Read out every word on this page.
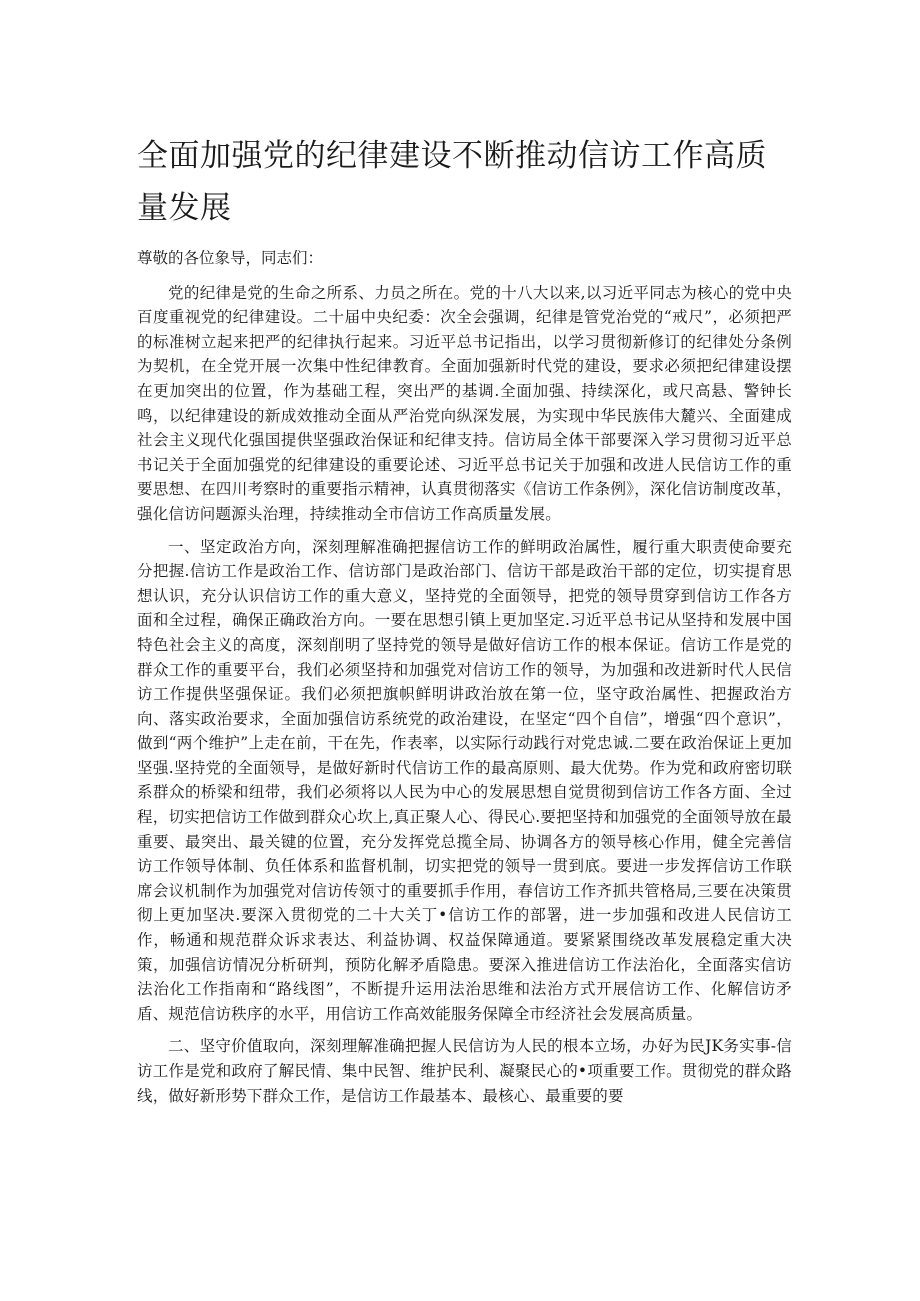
全面加强党的纪律建设不断推动信访工作高质量发展

尊敬的各位象导，同志们：

党的纪律是党的生命之所系、力员之所在。党的十八大以来,以习近平同志为核心的党中央百度重视党的纪律建设。二十届中央纪委：次全会强调，纪律是管党治党的“戒尺”，必须把严的标准树立起来把严的纪律执行起来。习近平总书记指出，以学习贯彻新修订的纪律处分条例为契机，在全党开展一次集中性纪律教育。全面加强新时代党的建设，要求必须把纪律建设摆在更加突出的位置，作为基础工程，突出严的基调.全面加强、持续深化，或尺高悬、警钟长鸣，以纪律建设的新成效推动全面从严治党向纵深发展，为实现中华民族伟大麓兴、全面建成社会主义现代化强国提供坚强政治保证和纪律支持。信访局全体干部要深入学习贯彻习近平总书记关于全面加强党的纪律建设的重要论述、习近平总书记关于加强和改进人民信访工作的重要思想、在四川考察时的重要指示精神，认真贯彻落实《信访工作条例》，深化信访制度改革，强化信访问题源头治理，持续推动全市信访工作高质量发展。

一、坚定政治方向，深刻理解准确把握信访工作的鲜明政治属性，履行重大职责使命要充分把握.信访工作是政治工作、信访部门是政治部门、信访干部是政治干部的定位，切实提育思想认识，充分认识信访工作的重大意义，坚持党的全面领导，把党的领导贯穿到信访工作各方面和全过程，确保正确政治方向。一要在思想引镇上更加坚定.习近平总书记从坚持和发展中国特色社会主义的高度，深刻削明了坚持党的领导是做好信访工作的根本保证。信访工作是党的群众工作的重要平台，我们必须坚持和加强党对信访工作的领导，为加强和改进新时代人民信访工作提供坚强保证。我们必须把旗帜鲜明讲政治放在第一位，坚守政治属性、把握政治方向、落实政治要求，全面加强信访系统党的政治建设，在坚定“四个自信”，增强“四个意识”，做到“两个维护”上走在前，干在先，作表率，以实际行动践行对党忠诚.二要在政治保证上更加坚强.坚持党的全面领导，是做好新时代信访工作的最高原则、最大优势。作为党和政府密切联系群众的桥梁和纽带，我们必须将以人民为中心的发展思想自觉贯彻到信访工作各方面、全过程，切实把信访工作做到群众心坎上,真正聚人心、得民心.要把坚持和加强党的全面领导放在最重要、最突出、最关键的位置，充分发挥党总揽全局、协调各方的领导核心作用，健全完善信访工作领导体制、负任体系和监督机制，切实把党的领导一贯到底。要进一步发挥信访工作联席会议机制作为加强党对信访传领寸的重要抓手作用，春信访工作齐抓共管格局,三要在决策贯彻上更加坚决.要深入贯彻党的二十大关丁•信访工作的部署，进一步加强和改进人民信访工作，畅通和规范群众诉求表达、利益协调、权益保障通道。要紧紧围绕改革发展稳定重大决策，加强信访情况分析研判，预防化解矛盾隐患。要深入推进信访工作法治化，全面落实信访法治化工作指南和“路线图”，不断提升运用法治思维和法治方式开展信访工作、化解信访矛盾、规范信访秩序的水平，用信访工作高效能服务保障全市经济社会发展高质量。

二、坚守价值取向，深刻理解准确把握人民信访为人民的根本立场，办好为民JK务实事-信访工作是党和政府了解民情、集中民智、维护民利、凝聚民心的•项重要工作。贯彻党的群众路线，做好新形势下群众工作，是信访工作最基本、最核心、最重要的要
